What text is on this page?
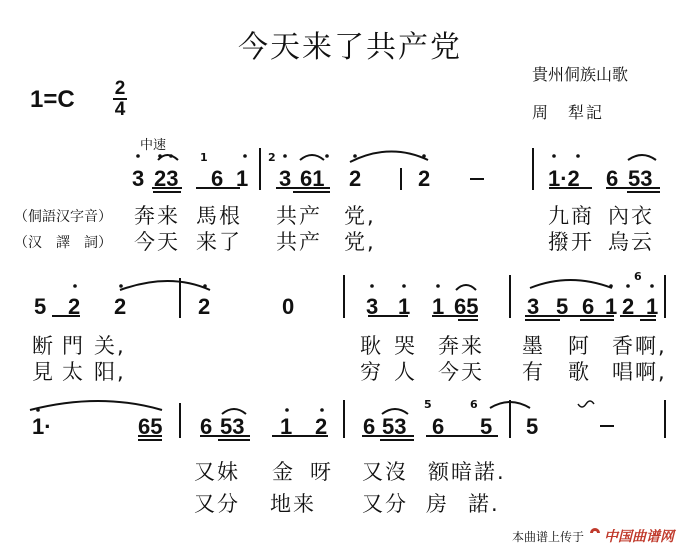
今天来了共产党
1=C 2
4
貴州侗族山歌
周　犁記
中速
3 23
1
6 1
2
3 61 2	2	1·2 6 53
（侗語汉字音）
（汉　譯　詞）
奔来 馬根 共产 党,	九商 內衣
今天 来了 共产 党,	撥开 烏云
5 2 2	2	0	3 1 1 65 3 5 6 1
6
2 1
断 門 关,	耿 哭 奔来 墨 阿 香啊,
見 太 阳,	穷 人 今天 有 歌 唱啊,
1·	65 6 53 1 2 6 53
5
6
6
5 5
又妹 金 呀 又沒 额暗諾.
又分 地来 又分 房 諾.
本曲谱上传于 中国曲谱网
